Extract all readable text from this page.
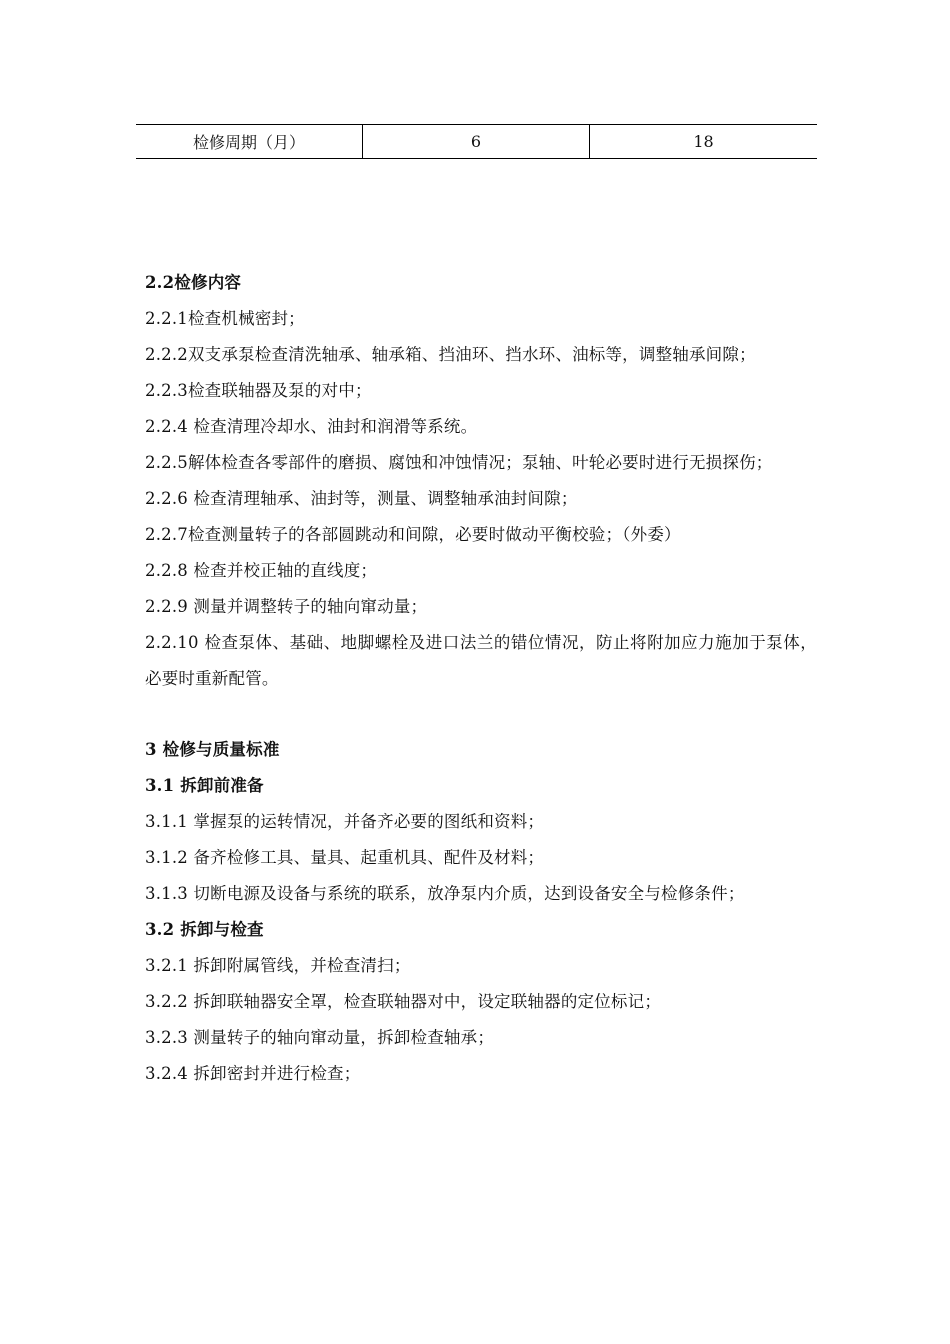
检修周期（月）	6	18
2.2检修内容
2.2.1检查机械密封；
2.2.2双支承泵检查清洗轴承、轴承箱、挡油环、挡水环、油标等，调整轴承间隙；
2.2.3检查联轴器及泵的对中；
2.2.4 检查清理冷却水、油封和润滑等系统。
2.2.5解体检查各零部件的磨损、腐蚀和冲蚀情况；泵轴、叶轮必要时进行无损探伤；
2.2.6 检查清理轴承、油封等，测量、调整轴承油封间隙；
2.2.7检查测量转子的各部圆跳动和间隙，必要时做动平衡校验；（外委）
2.2.8 检查并校正轴的直线度；
2.2.9 测量并调整转子的轴向窜动量；
2.2.10 检查泵体、基础、地脚螺栓及进口法兰的错位情况，防止将附加应力施加于泵体，必要时重新配管。
3 检修与质量标准
3.1 拆卸前准备
3.1.1 掌握泵的运转情况，并备齐必要的图纸和资料；
3.1.2 备齐检修工具、量具、起重机具、配件及材料；
3.1.3 切断电源及设备与系统的联系，放净泵内介质，达到设备安全与检修条件；
3.2 拆卸与检查
3.2.1 拆卸附属管线，并检查清扫；
3.2.2 拆卸联轴器安全罩，检查联轴器对中，设定联轴器的定位标记；
3.2.3 测量转子的轴向窜动量，拆卸检查轴承；
3.2.4 拆卸密封并进行检查；
